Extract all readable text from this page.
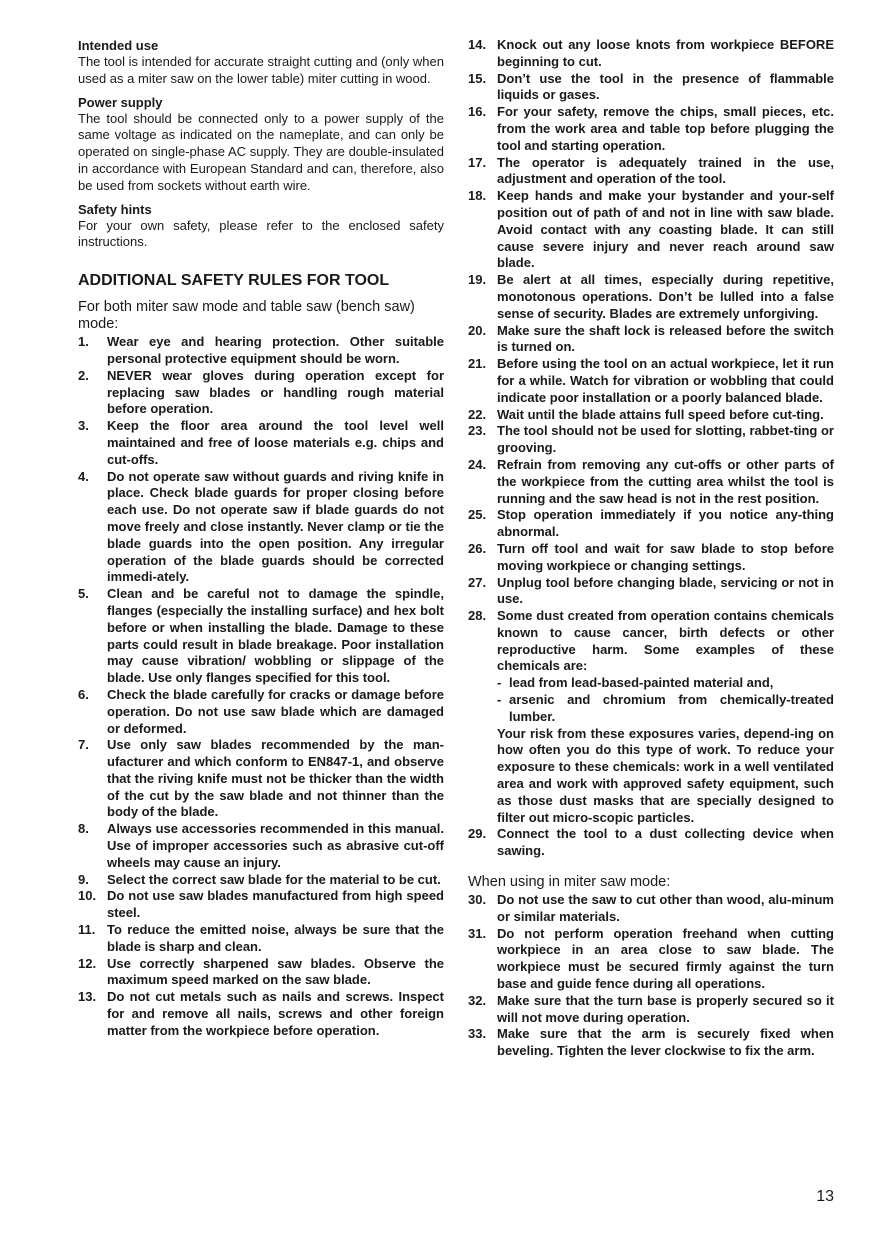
Intended use
The tool is intended for accurate straight cutting and (only when used as a miter saw on the lower table) miter cutting in wood.
Power supply
The tool should be connected only to a power supply of the same voltage as indicated on the nameplate, and can only be operated on single-phase AC supply. They are double-insulated in accordance with European Standard and can, therefore, also be used from sockets without earth wire.
Safety hints
For your own safety, please refer to the enclosed safety instructions.
ADDITIONAL SAFETY RULES FOR TOOL
For both miter saw mode and table saw (bench saw) mode:
1.	Wear eye and hearing protection. Other suitable personal protective equipment should be worn.
2.	NEVER wear gloves during operation except for replacing saw blades or handling rough material before operation.
3.	Keep the floor area around the tool level well maintained and free of loose materials e.g. chips and cut-offs.
4.	Do not operate saw without guards and riving knife in place. Check blade guards for proper closing before each use. Do not operate saw if blade guards do not move freely and close instantly. Never clamp or tie the blade guards into the open position. Any irregular operation of the blade guards should be corrected immedi-ately.
5.	Clean and be careful not to damage the spindle, flanges (especially the installing surface) and hex bolt before or when installing the blade. Damage to these parts could result in blade breakage. Poor installation may cause vibration/ wobbling or slippage of the blade. Use only flanges specified for this tool.
6.	Check the blade carefully for cracks or damage before operation. Do not use saw blade which are damaged or deformed.
7.	Use only saw blades recommended by the man-ufacturer and which conform to EN847-1, and observe that the riving knife must not be thicker than the width of the cut by the saw blade and not thinner than the body of the blade.
8.	Always use accessories recommended in this manual. Use of improper accessories such as abrasive cut-off wheels may cause an injury.
9.	Select the correct saw blade for the material to be cut.
10. Do not use saw blades manufactured from high speed steel.
11. To reduce the emitted noise, always be sure that the blade is sharp and clean.
12. Use correctly sharpened saw blades. Observe the maximum speed marked on the saw blade.
13. Do not cut metals such as nails and screws. Inspect for and remove all nails, screws and other foreign matter from the workpiece before operation.
14. Knock out any loose knots from workpiece BEFORE beginning to cut.
15. Don’t use the tool in the presence of flammable liquids or gases.
16. For your safety, remove the chips, small pieces, etc. from the work area and table top before plugging the tool and starting operation.
17. The operator is adequately trained in the use, adjustment and operation of the tool.
18. Keep hands and make your bystander and your-self position out of path of and not in line with saw blade. Avoid contact with any coasting blade. It can still cause severe injury and never reach around saw blade.
19. Be alert at all times, especially during repetitive, monotonous operations. Don’t be lulled into a false sense of security. Blades are extremely unforgiving.
20. Make sure the shaft lock is released before the switch is turned on.
21. Before using the tool on an actual workpiece, let it run for a while. Watch for vibration or wobbling that could indicate poor installation or a poorly balanced blade.
22. Wait until the blade attains full speed before cut-ting.
23. The tool should not be used for slotting, rabbet-ting or grooving.
24. Refrain from removing any cut-offs or other parts of the workpiece from the cutting area whilst the tool is running and the saw head is not in the rest position.
25. Stop operation immediately if you notice any-thing abnormal.
26. Turn off tool and wait for saw blade to stop before moving workpiece or changing settings.
27. Unplug tool before changing blade, servicing or not in use.
28. Some dust created from operation contains chemicals known to cause cancer, birth defects or other reproductive harm. Some examples of these chemicals are:
- lead from lead-based-painted material and,
- arsenic and chromium from chemically-treated lumber.
Your risk from these exposures varies, depend-ing on how often you do this type of work. To reduce your exposure to these chemicals: work in a well ventilated area and work with approved safety equipment, such as those dust masks that are specially designed to filter out micro-scopic particles.
29. Connect the tool to a dust collecting device when sawing.
When using in miter saw mode:
30. Do not use the saw to cut other than wood, alu-minum or similar materials.
31. Do not perform operation freehand when cutting workpiece in an area close to saw blade. The workpiece must be secured firmly against the turn base and guide fence during all operations.
32. Make sure that the turn base is properly secured so it will not move during operation.
33. Make sure that the arm is securely fixed when beveling. Tighten the lever clockwise to fix the arm.
13
